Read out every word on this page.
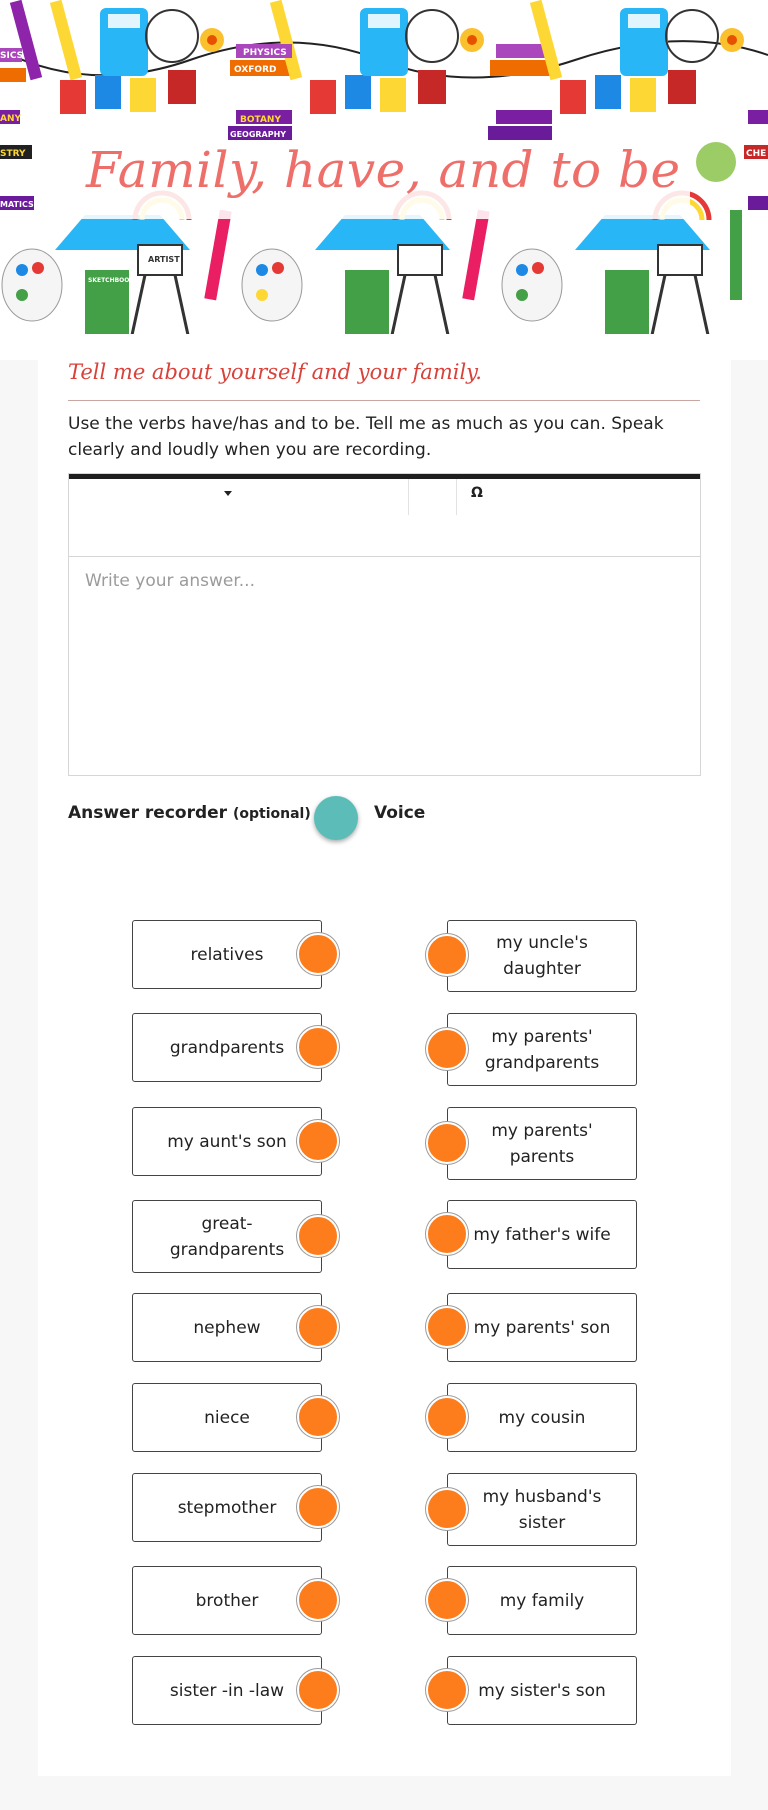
PHYSICS
OXFORD
BOTANY
GEOGRAPHY
ARTIST
SKETCHBOOK
SICS
ANY
RAPHY
STRY
MATICS
CHE
Family, have, and to be
Tell me about yourself and your family.
Use the verbs have/has and to be. Tell me as much as you can. Speak clearly and loudly when you are recording.
Ω
Write your answer...
Answer recorder (optional)	Voice
relatives
grandparents
my aunt's son
great-grandparents
nephew
niece
stepmother
brother
sister -in -law
my uncle's daughter
my parents' grandparents
my parents' parents
my father's wife
my parents' son
my cousin
my husband's sister
my family
my sister's son
